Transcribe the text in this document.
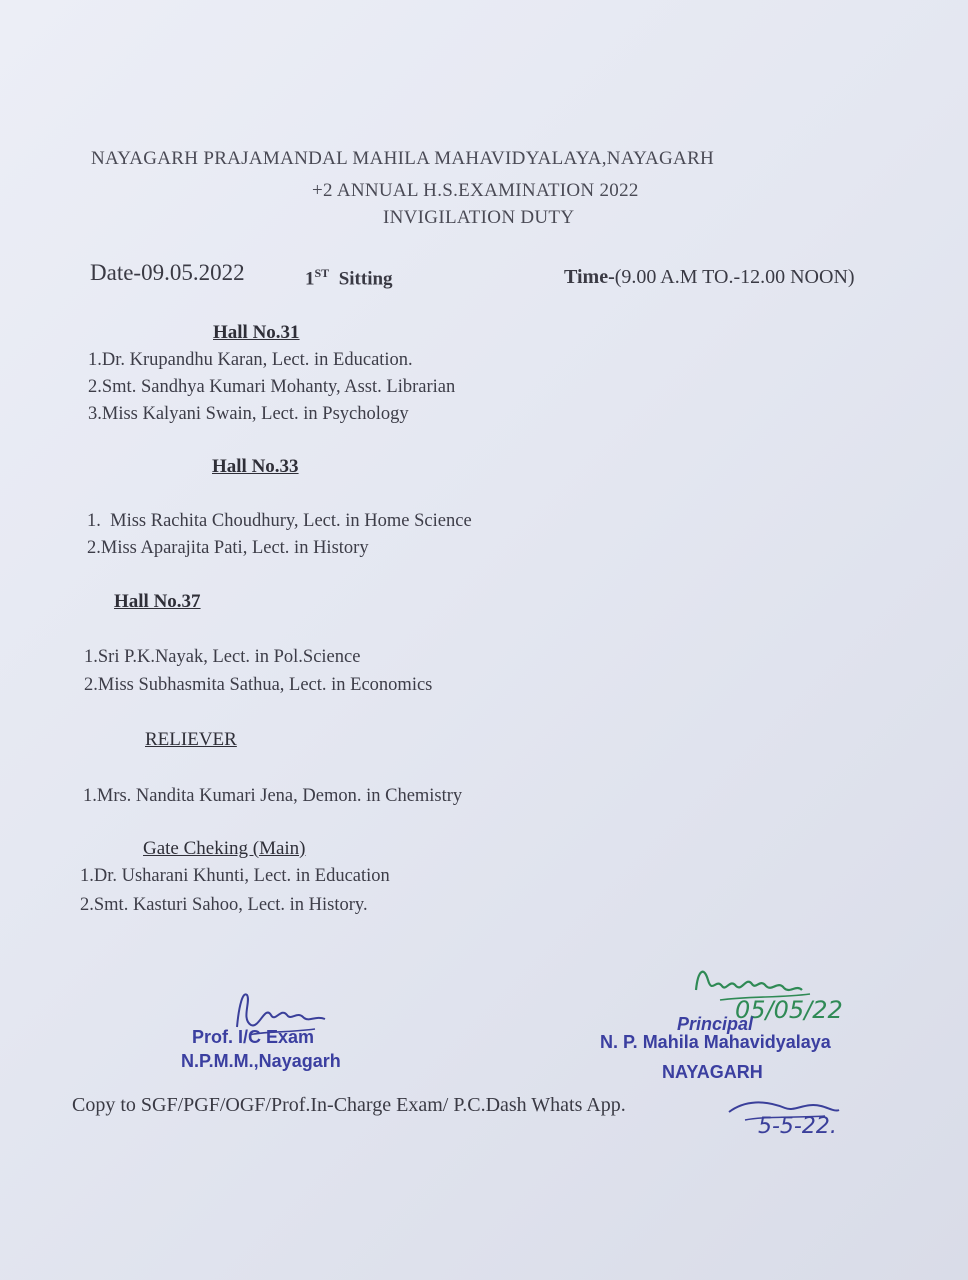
NAYAGARH PRAJAMANDAL MAHILA MAHAVIDYALAYA,NAYAGARH
+2 ANNUAL H.S.EXAMINATION 2022
INVIGILATION DUTY
Date-09.05.2022	1ST Sitting	Time-(9.00 A.M TO.-12.00 NOON)
Hall No.31
1.Dr. Krupandhu Karan, Lect. in Education.
2.Smt. Sandhya Kumari Mohanty, Asst. Librarian
3.Miss Kalyani Swain, Lect. in Psychology
Hall No.33
1.  Miss Rachita Choudhury, Lect. in Home Science
2.Miss Aparajita Pati, Lect. in History
Hall No.37
1.Sri P.K.Nayak, Lect. in Pol.Science
2.Miss Subhasmita Sathua, Lect. in Economics
RELIEVER
1.Mrs. Nandita Kumari Jena, Demon. in Chemistry
Gate Cheking (Main)
1.Dr. Usharani Khunti, Lect. in Education
2.Smt. Kasturi Sahoo, Lect. in History.
Prof. I/C Exam
N.P.M.M.,Nayagarh
05/05/22
Principal
N. P. Mahila Mahavidyalaya
NAYAGARH
5-5-22.
Copy to SGF/PGF/OGF/Prof.In-Charge Exam/ P.C.Dash Whats App.
